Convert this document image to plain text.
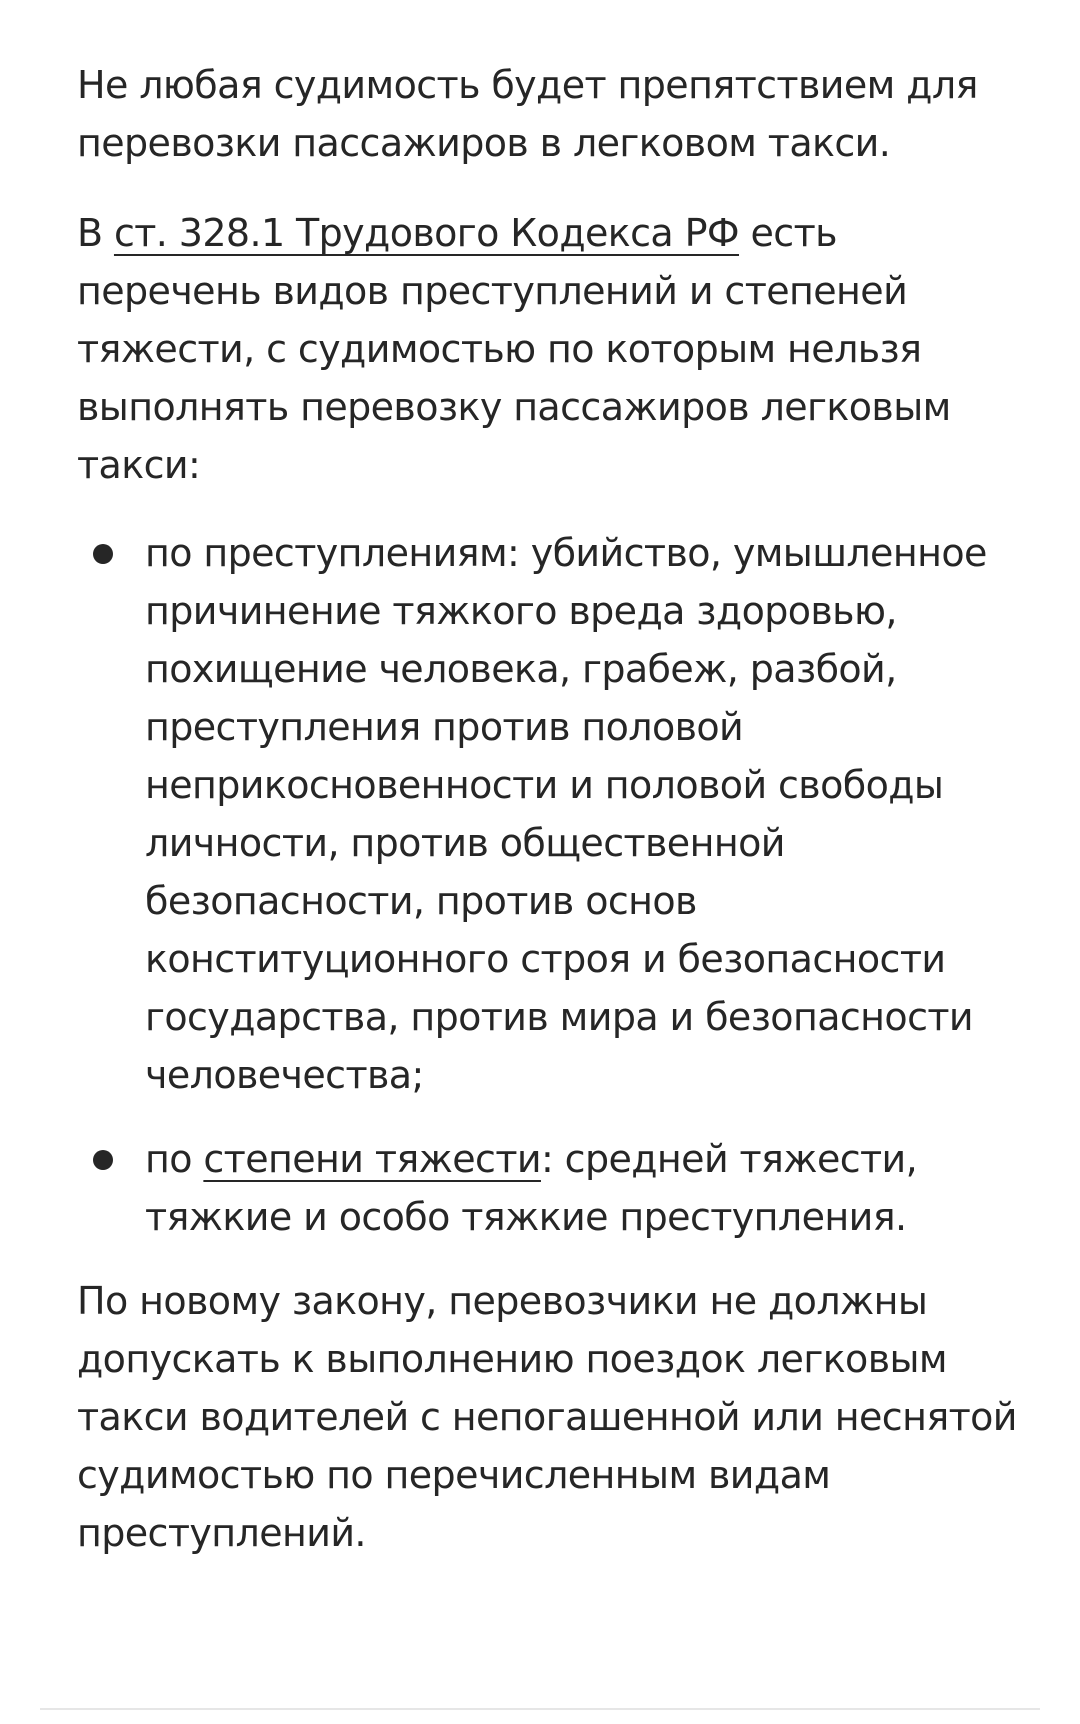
Не любая судимость будет препятствием для перевозки пассажиров в легковом такси.

В ст. 328.1 Трудового Кодекса РФ есть перечень видов преступлений и степеней тяжести, с судимостью по которым нельзя выполнять перевозку пассажиров легковым такси:

по преступлениям: убийство, умышленное причинение тяжкого вреда здоровью, похищение человека, грабеж, разбой, преступления против половой неприкосновенности и половой свободы личности, против общественной безопасности, против основ конституционного строя и безопасности государства, против мира и безопасности человечества;
по степени тяжести: средней тяжести, тяжкие и особо тяжкие преступления.

По новому закону, перевозчики не должны допускать к выполнению поездок легковым такси водителей с непогашенной или неснятой судимостью по перечисленным видам преступлений.
